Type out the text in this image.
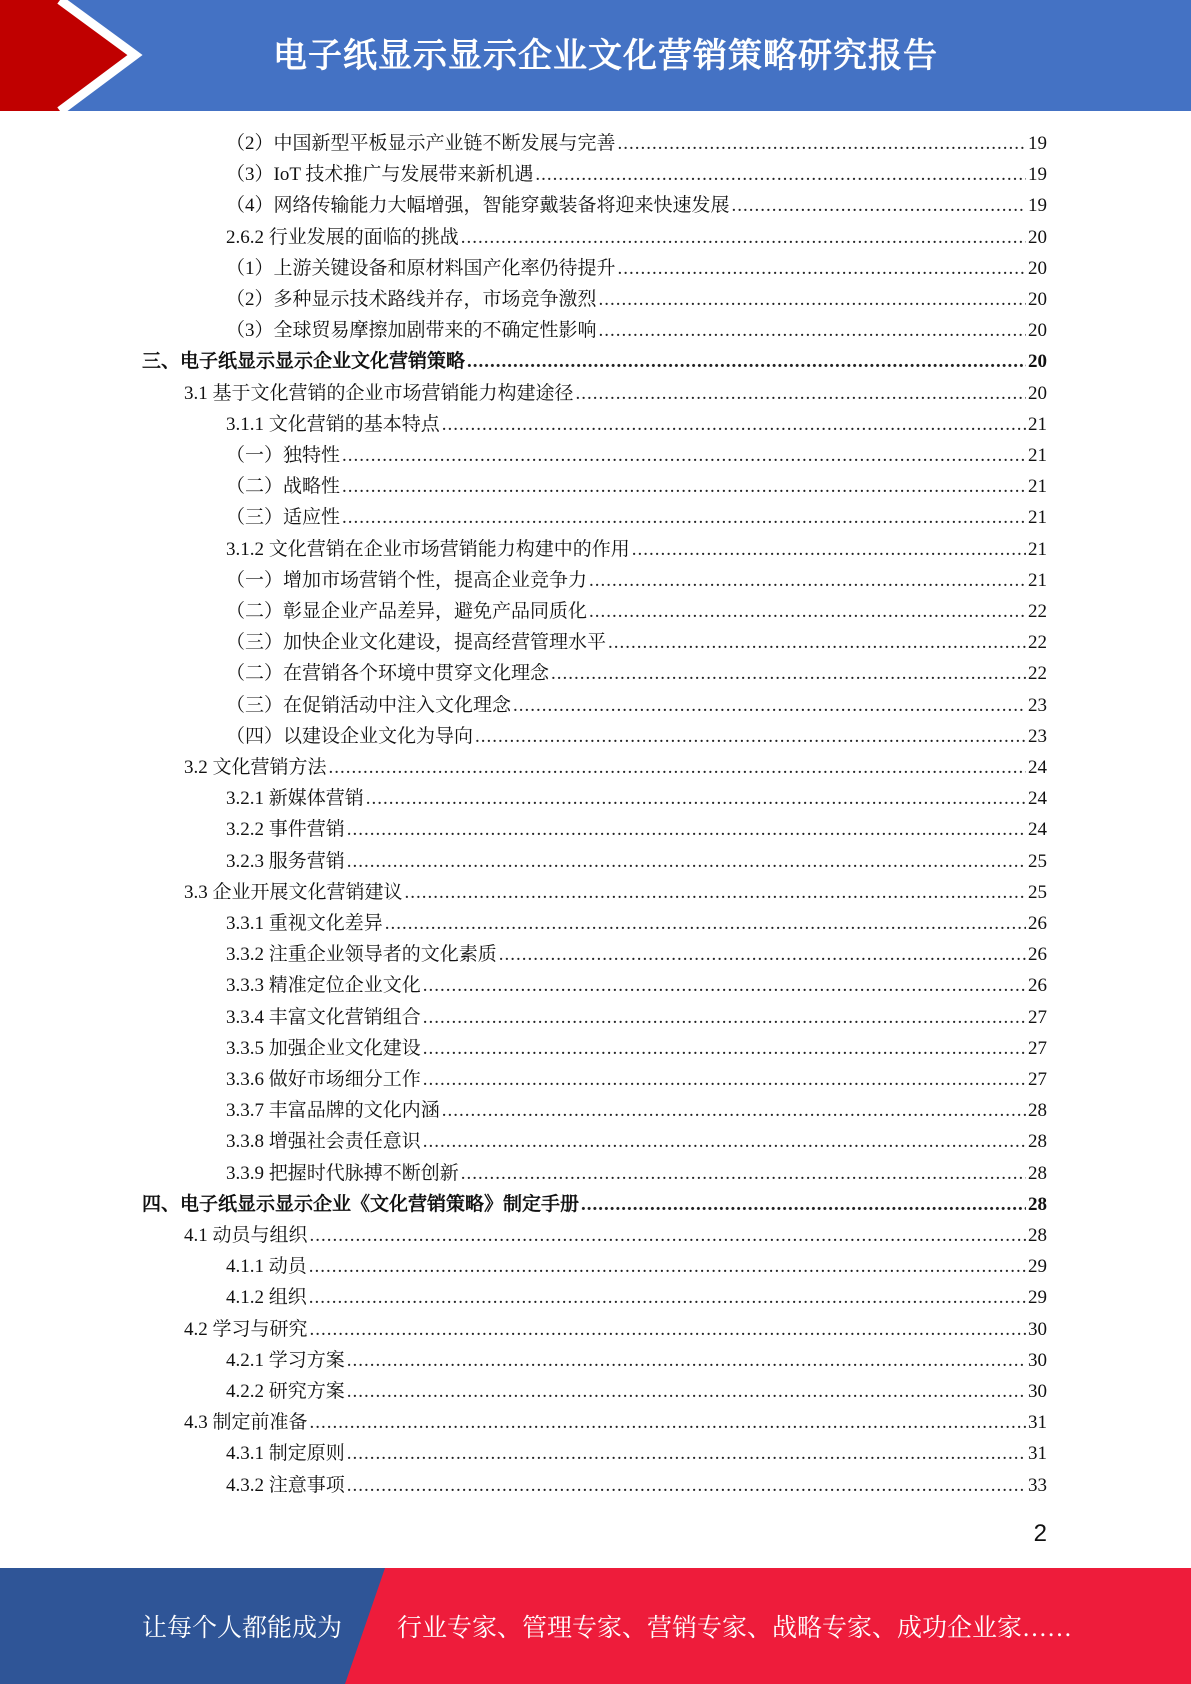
电子纸显示显示企业文化营销策略研究报告
（2）中国新型平板显示产业链不断发展与完善 .....	19
（3）IoT 技术推广与发展带来新机遇 .....	19
（4）网络传输能力大幅增强，智能穿戴装备将迎来快速发展 .....	19
2.6.2 行业发展的面临的挑战 .....	20
（1）上游关键设备和原材料国产化率仍待提升 .....	20
（2）多种显示技术路线并存，市场竞争激烈 .....	20
（3）全球贸易摩擦加剧带来的不确定性影响 .....	20
三、电子纸显示显示企业文化营销策略 .....	20
3.1 基于文化营销的企业市场营销能力构建途径 .....	20
3.1.1 文化营销的基本特点 .....	21
（一）独特性 .....	21
（二）战略性 .....	21
（三）适应性 .....	21
3.1.2 文化营销在企业市场营销能力构建中的作用 .....	21
（一）增加市场营销个性，提高企业竞争力 .....	21
（二）彰显企业产品差异，避免产品同质化 .....	22
（三）加快企业文化建设，提高经营管理水平 .....	22
（二）在营销各个环境中贯穿文化理念 .....	22
（三）在促销活动中注入文化理念 .....	23
（四）以建设企业文化为导向 .....	23
3.2 文化营销方法 .....	24
3.2.1 新媒体营销 .....	24
3.2.2 事件营销 .....	24
3.2.3 服务营销 .....	25
3.3 企业开展文化营销建议 .....	25
3.3.1 重视文化差异 .....	26
3.3.2 注重企业领导者的文化素质 .....	26
3.3.3 精准定位企业文化 .....	26
3.3.4 丰富文化营销组合 .....	27
3.3.5 加强企业文化建设 .....	27
3.3.6 做好市场细分工作 .....	27
3.3.7 丰富品牌的文化内涵 .....	28
3.3.8 增强社会责任意识 .....	28
3.3.9 把握时代脉搏不断创新 .....	28
四、电子纸显示显示企业《文化营销策略》制定手册 .....	28
4.1 动员与组织 .....	28
4.1.1 动员 .....	29
4.1.2 组织 .....	29
4.2 学习与研究 .....	30
4.2.1 学习方案 .....	30
4.2.2 研究方案 .....	30
4.3 制定前准备 .....	31
4.3.1 制定原则 .....	31
4.3.2 注意事项 .....	33
2
让每个人都能成为 行业专家、管理专家、营销专家、战略专家、成功企业家……
